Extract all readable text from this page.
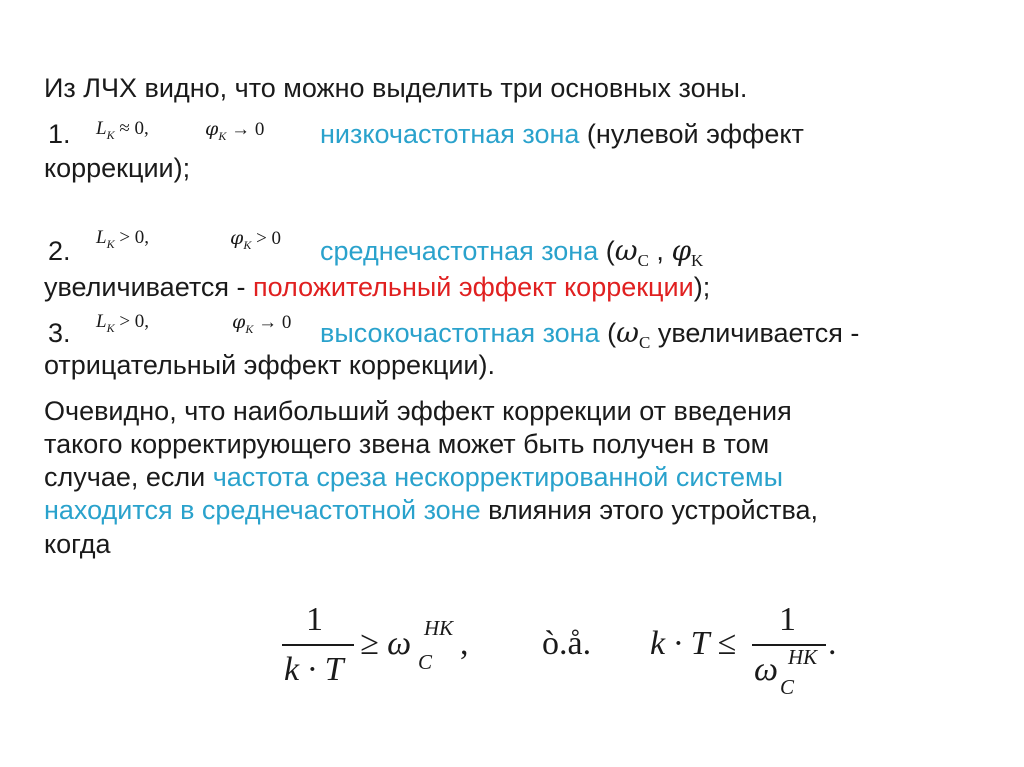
Из ЛЧХ видно, что можно выделить три основных зоны.
1. $L_K \approx 0$,	$\varphi_K \to 0$ низкочастотная зона (нулевой эффект
коррекции);
2. $L_K > 0$,	$\varphi_K > 0$ среднечастотная зона ($\omega_C$ , $\varphi_K$
увеличивается - положительный эффект коррекции);
3. $L_K > 0$,	$\varphi_K \to 0$ высокочастотная зона ($\omega_C$ увеличивается -
отрицательный эффект коррекции).
Очевидно, что наибольший эффект коррекции от введения
такого корректирующего звена может быть получен в том
случае, если частота среза нескорректированной системы
находится в среднечастотной зоне влияния этого устройства,
когда
1
k · T
≥ ω НК
С , ò.å. k · T ≤
1
ω НК
С
.
